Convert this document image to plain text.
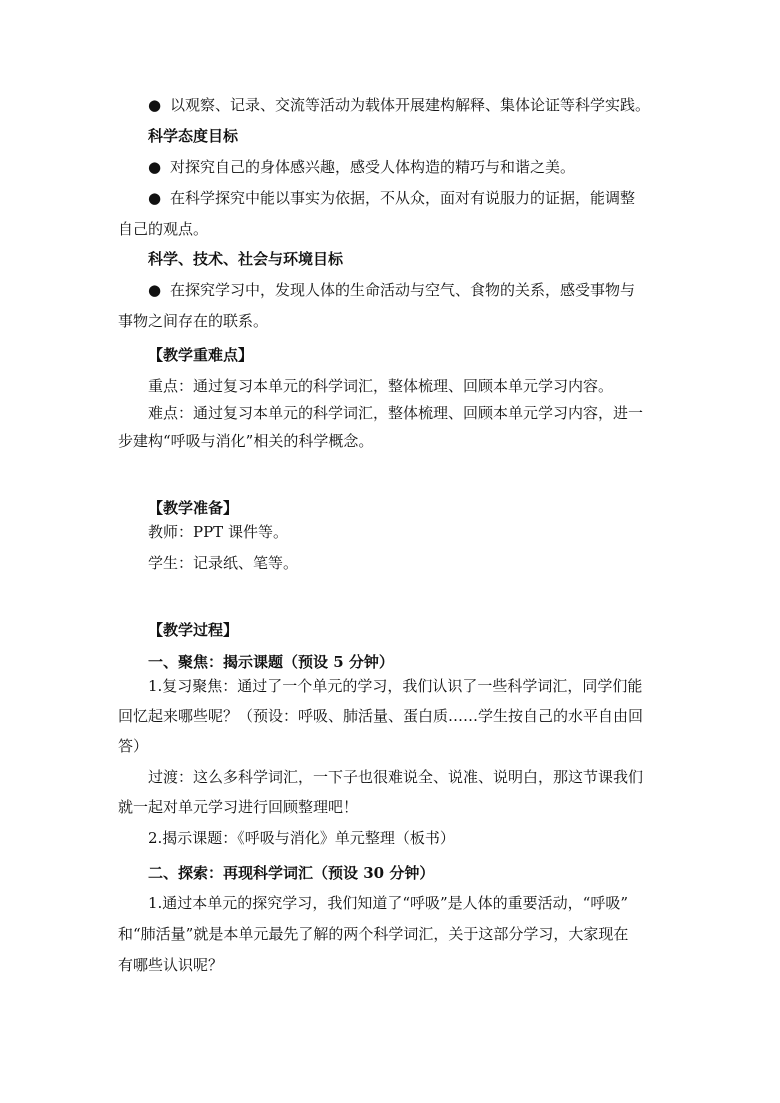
● 以观察、记录、交流等活动为载体开展建构解释、集体论证等科学实践。
科学态度目标
● 对探究自己的身体感兴趣，感受人体构造的精巧与和谐之美。
● 在科学探究中能以事实为依据，不从众，面对有说服力的证据，能调整
自己的观点。
科学、技术、社会与环境目标
● 在探究学习中，发现人体的生命活动与空气、食物的关系，感受事物与
事物之间存在的联系。
【教学重难点】
重点：通过复习本单元的科学词汇，整体梳理、回顾本单元学习内容。
难点：通过复习本单元的科学词汇，整体梳理、回顾本单元学习内容，进一
步建构“呼吸与消化”相关的科学概念。
【教学准备】
教师：PPT 课件等。
学生：记录纸、笔等。
【教学过程】
一、聚焦：揭示课题（预设 5 分钟）
1.复习聚焦：通过了一个单元的学习，我们认识了一些科学词汇，同学们能
回忆起来哪些呢？（预设：呼吸、肺活量、蛋白质……学生按自己的水平自由回
答）
过渡：这么多科学词汇，一下子也很难说全、说准、说明白，那这节课我们
就一起对单元学习进行回顾整理吧！
2.揭示课题：《呼吸与消化》单元整理（板书）
二、探索：再现科学词汇（预设 30 分钟）
1.通过本单元的探究学习，我们知道了“呼吸”是人体的重要活动，“呼吸”
和“肺活量”就是本单元最先了解的两个科学词汇，关于这部分学习，大家现在
有哪些认识呢？
